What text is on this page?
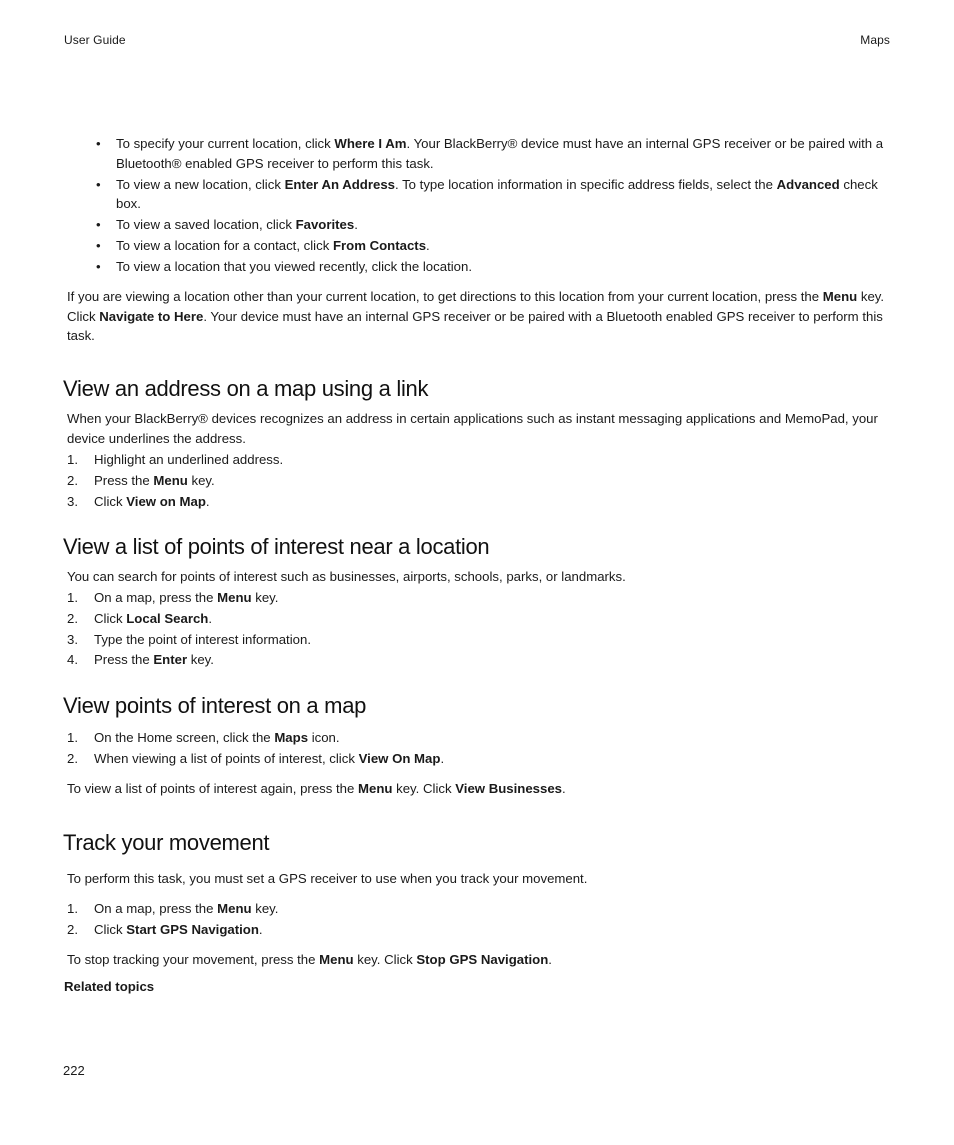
User Guide	Maps
• To specify your current location, click Where I Am. Your BlackBerry® device must have an internal GPS receiver or be paired with a Bluetooth® enabled GPS receiver to perform this task.
• To view a new location, click Enter An Address. To type location information in specific address fields, select the Advanced check box.
• To view a saved location, click Favorites.
• To view a location for a contact, click From Contacts.
• To view a location that you viewed recently, click the location.
If you are viewing a location other than your current location, to get directions to this location from your current location, press the Menu key. Click Navigate to Here. Your device must have an internal GPS receiver or be paired with a Bluetooth enabled GPS receiver to perform this task.
View an address on a map using a link
When your BlackBerry® devices recognizes an address in certain applications such as instant messaging applications and MemoPad, your device underlines the address.
1. Highlight an underlined address.
2. Press the Menu key.
3. Click View on Map.
View a list of points of interest near a location
You can search for points of interest such as businesses, airports, schools, parks, or landmarks.
1. On a map, press the Menu key.
2. Click Local Search.
3. Type the point of interest information.
4. Press the Enter key.
View points of interest on a map
1. On the Home screen, click the Maps icon.
2. When viewing a list of points of interest, click View On Map.
To view a list of points of interest again, press the Menu key. Click View Businesses.
Track your movement
To perform this task, you must set a GPS receiver to use when you track your movement.
1. On a map, press the Menu key.
2. Click Start GPS Navigation.
To stop tracking your movement, press the Menu key. Click Stop GPS Navigation.
Related topics
222
